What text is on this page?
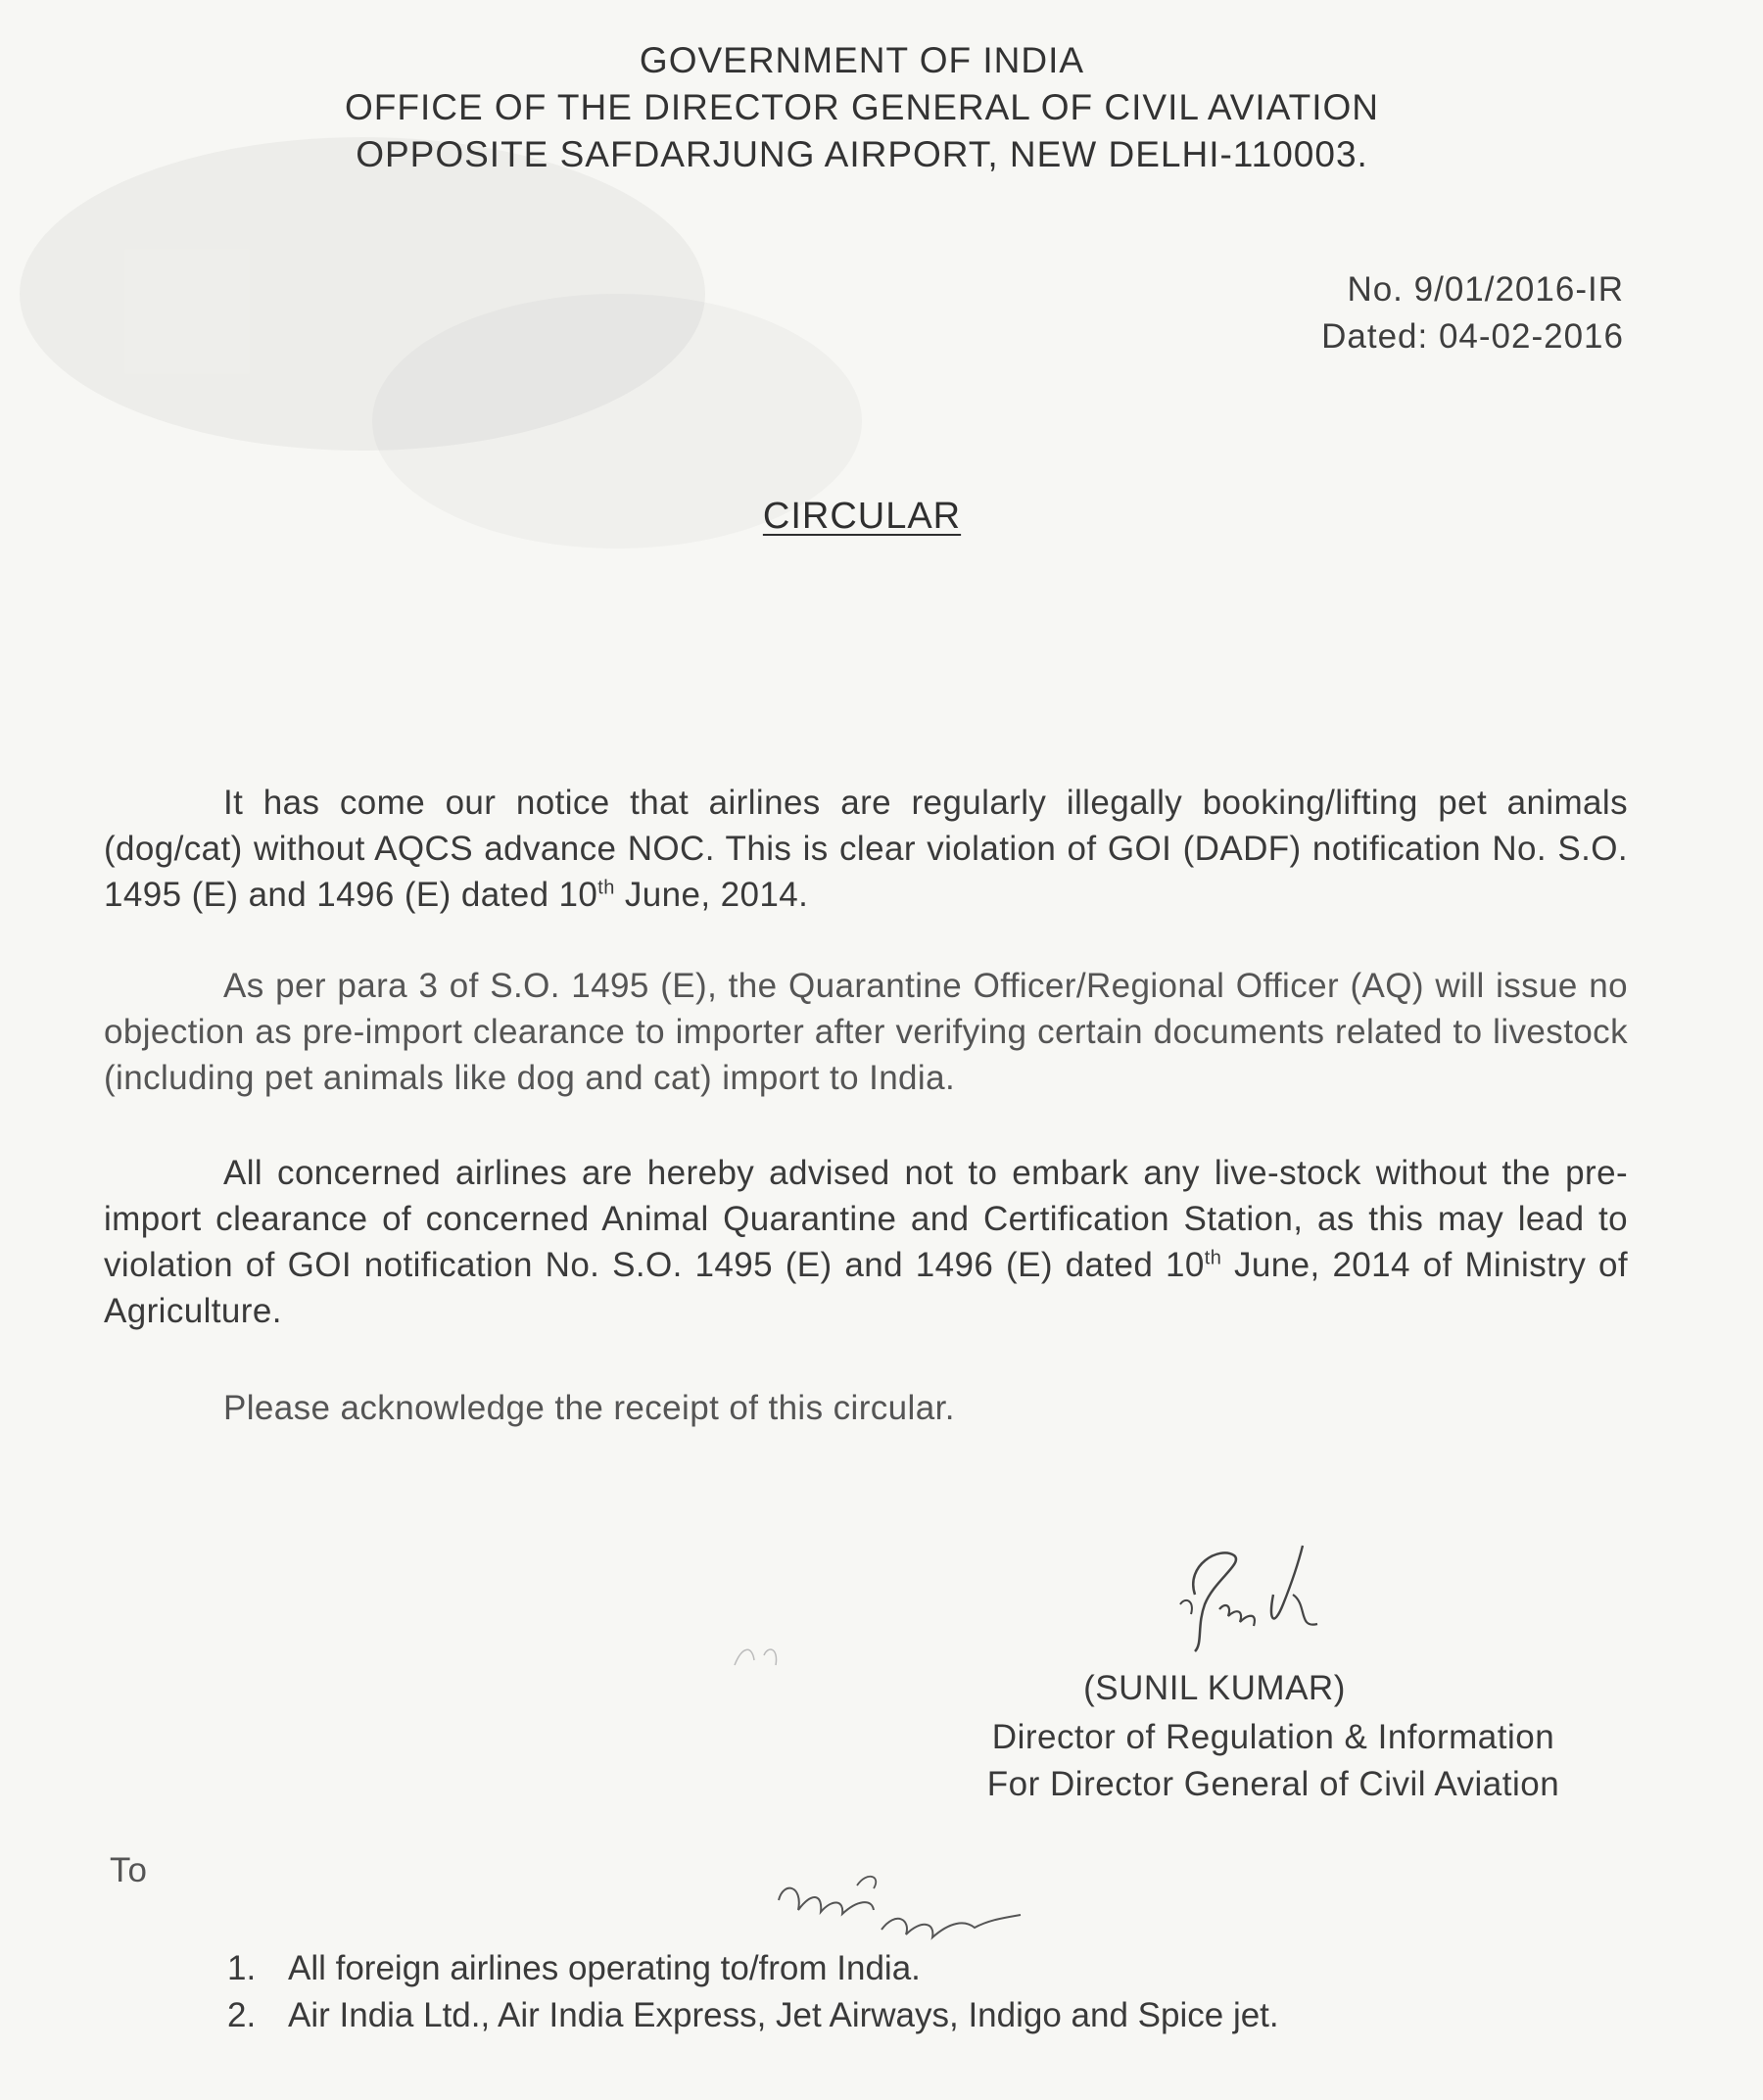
GOVERNMENT OF INDIA
OFFICE OF THE DIRECTOR GENERAL OF CIVIL AVIATION
OPPOSITE SAFDARJUNG AIRPORT, NEW DELHI-110003.
No. 9/01/2016-IR
Dated: 04-02-2016
CIRCULAR
It has come our notice that airlines are regularly illegally booking/lifting pet animals (dog/cat) without AQCS advance NOC. This is clear violation of GOI (DADF) notification No. S.O. 1495 (E) and 1496 (E) dated 10th June, 2014.
As per para 3 of S.O. 1495 (E), the Quarantine Officer/Regional Officer (AQ) will issue no objection as pre-import clearance to importer after verifying certain documents related to livestock (including pet animals like dog and cat) import to India.
All concerned airlines are hereby advised not to embark any live-stock without the pre-import clearance of concerned Animal Quarantine and Certification Station, as this may lead to violation of GOI notification No. S.O. 1495 (E) and 1496 (E) dated 10th June, 2014 of Ministry of Agriculture.
Please acknowledge the receipt of this circular.
(SUNIL KUMAR)
Director of Regulation & Information
For Director General of Civil Aviation
To
1. All foreign airlines operating to/from India.
2. Air India Ltd., Air India Express, Jet Airways, Indigo and Spice jet.
